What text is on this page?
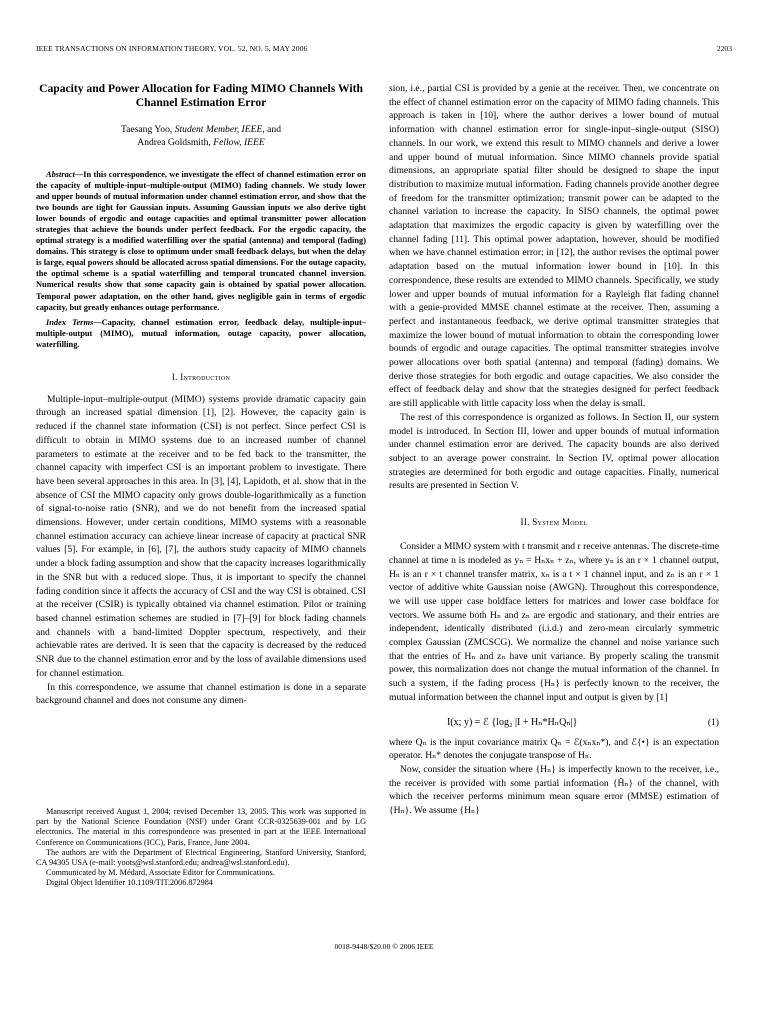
IEEE TRANSACTIONS ON INFORMATION THEORY, VOL. 52, NO. 5, MAY 2006	2203
Capacity and Power Allocation for Fading MIMO Channels With Channel Estimation Error
Taesang Yoo, Student Member, IEEE, and
Andrea Goldsmith, Fellow, IEEE

Abstract—In this correspondence, we investigate the effect of channel estimation error on the capacity of multiple-input–multiple-output (MIMO) fading channels. We study lower and upper bounds of mutual information under channel estimation error, and show that the two bounds are tight for Gaussian inputs. Assuming Gaussian inputs we also derive tight lower bounds of ergodic and outage capacities and optimal transmitter power allocation strategies that achieve the bounds under perfect feedback. For the ergodic capacity, the optimal strategy is a modified waterfilling over the spatial (antenna) and temporal (fading) domains. This strategy is close to optimum under small feedback delays, but when the delay is large, equal powers should be allocated across spatial dimensions. For the outage capacity, the optimal scheme is a spatial waterfilling and temporal truncated channel inversion. Numerical results show that some capacity gain is obtained by spatial power allocation. Temporal power adaptation, on the other hand, gives negligible gain in terms of ergodic capacity, but greatly enhances outage performance.

Index Terms—Capacity, channel estimation error, feedback delay, multiple-input–multiple-output (MIMO), mutual information, outage capacity, power allocation, waterfilling.

I. Introduction

Multiple-input–multiple-output (MIMO) systems provide dramatic capacity gain through an increased spatial dimension [1], [2]. However, the capacity gain is reduced if the channel state information (CSI) is not perfect. Since perfect CSI is difficult to obtain in MIMO systems due to an increased number of channel parameters to estimate at the receiver and to be fed back to the transmitter, the channel capacity with imperfect CSI is an important problem to investigate. There have been several approaches in this area. In [3], [4], Lapidoth, et al. show that in the absence of CSI the MIMO capacity only grows double-logarithmically as a function of signal-to-noise ratio (SNR), and we do not benefit from the increased spatial dimensions. However, under certain conditions, MIMO systems with a reasonable channel estimation accuracy can achieve linear increase of capacity at practical SNR values [5]. For example, in [6], [7], the authors study capacity of MIMO channels under a block fading assumption and show that the capacity increases logarithmically in the SNR but with a reduced slope. Thus, it is important to specify the channel fading condition since it affects the accuracy of CSI and the way CSI is obtained. CSI at the receiver (CSIR) is typically obtained via channel estimation. Pilot or training based channel estimation schemes are studied in [7]–[9] for block fading channels and channels with a band-limited Doppler spectrum, respectively, and their achievable rates are derived. It is seen that the capacity is decreased by the reduced SNR due to the channel estimation error and by the loss of available dimensions used for channel estimation.

In this correspondence, we assume that channel estimation is done in a separate background channel and does not consume any dimen-

Manuscript received August 1, 2004; revised December 13, 2005. This work was supported in part by the National Science Foundation (NSF) under Grant CCR-0325639-001 and by LG electronics. The material in this correspondence was presented in part at the IEEE International Conference on Communications (ICC), Paris, France, June 2004.

The authors are with the Department of Electrical Engineering, Stanford University, Stanford, CA 94305 USA (e-mail: yoots@wsl.stanford.edu; andrea@wsl.stanford.edu).

Communicated by M. Médard, Associate Editor for Communications.

Digital Object Identifier 10.1109/TIT.2006.872984

sion, i.e., partial CSI is provided by a genie at the receiver. Then, we concentrate on the effect of channel estimation error on the capacity of MIMO fading channels. This approach is taken in [10], where the author derives a lower bound of mutual information with channel estimation error for single-input–single-output (SISO) channels. In our work, we extend this result to MIMO channels and derive a lower and upper bound of mutual information. Since MIMO channels provide spatial dimensions, an appropriate spatial filter should be designed to shape the input distribution to maximize mutual information. Fading channels provide another degree of freedom for the transmitter optimization; transmit power can be adapted to the channel variation to increase the capacity. In SISO channels, the optimal power adaptation that maximizes the ergodic capacity is given by waterfilling over the channel fading [11]. This optimal power adaptation, however, should be modified when we have channel estimation error; in [12], the author revises the optimal power adaptation based on the mutual information lower bound in [10]. In this correspondence, these results are extended to MIMO channels. Specifically, we study lower and upper bounds of mutual information for a Rayleigh flat fading channel with a genie-provided MMSE channel estimate at the receiver. Then, assuming a perfect and instantaneous feedback, we derive optimal transmitter strategies that maximize the lower bound of mutual information to obtain the corresponding lower bounds of ergodic and outage capacities. The optimal transmitter strategies involve power allocations over both spatial (antenna) and temporal (fading) domains. We derive those strategies for both ergodic and outage capacities. We also consider the effect of feedback delay and show that the strategies designed for perfect feedback are still applicable with little capacity loss when the delay is small.

The rest of this correspondence is organized as follows. In Section II, our system model is introduced. In Section III, lower and upper bounds of mutual information under channel estimation error are derived. The capacity bounds are also derived subject to an average power constraint. In Section IV, optimal power allocation strategies are determined for both ergodic and outage capacities. Finally, numerical results are presented in Section V.

II. System Model

Consider a MIMO system with t transmit and r receive antennas. The discrete-time channel at time n is modeled as yₙ = Hₙxₙ + zₙ, where yₙ is an r × 1 channel output, Hₙ is an r × t channel transfer matrix, xₙ is a t × 1 channel input, and zₙ is an r × 1 vector of additive white Gaussian noise (AWGN). Throughout this correspondence, we will use upper case boldface letters for matrices and lower case boldface for vectors. We assume both Hₙ and zₙ are ergodic and stationary, and their entries are independent, identically distributed (i.i.d.) and zero-mean circularly symmetric complex Gaussian (ZMCSCG). We normalize the channel and noise variance such that the entries of Hₙ and zₙ have unit variance. By properly scaling the transmit power, this normalization does not change the mutual information of the channel. In such a system, if the fading process {Hₙ} is perfectly known to the receiver, the mutual information between the channel input and output is given by [1]

I(x; y) = ℰ {log₂ |I + Hₙ*HₙQₙ|}	(1)

where Qₙ is the input covariance matrix Qₙ = ℰ(xₙxₙ*), and ℰ{•} is an expectation operator. Hₙ* denotes the conjugate transpose of Hₙ.

Now, consider the situation where {Hₙ} is imperfectly known to the receiver, i.e., the receiver is provided with some partial information {Ĥₙ} of the channel, with which the receiver performs minimum mean square error (MMSE) estimation of {Hₙ}. We assume {Hₙ}

0018-9448/$20.00 © 2006 IEEE
